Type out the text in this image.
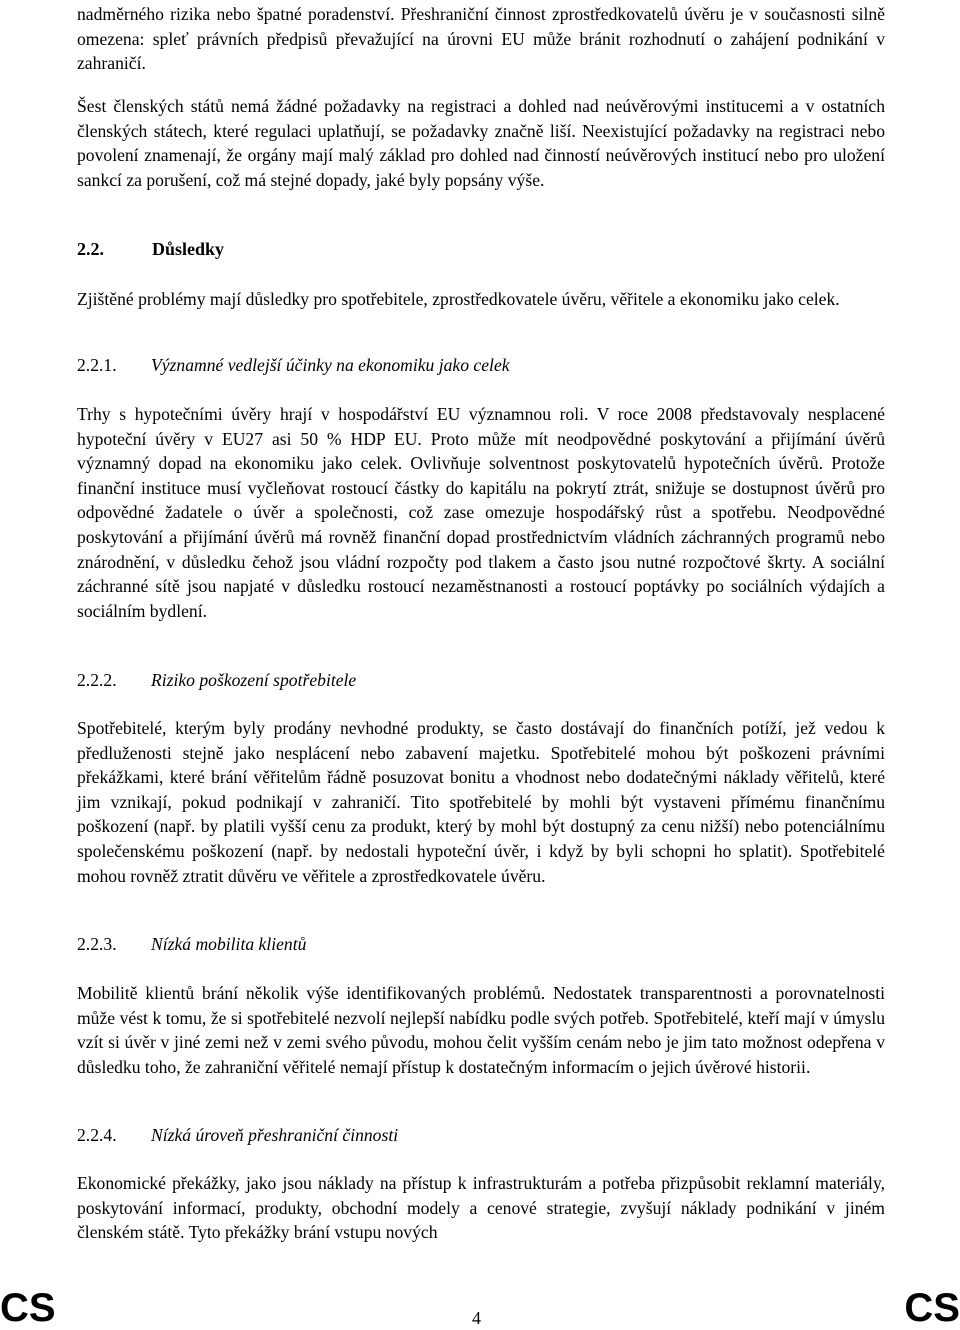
nadměrného rizika nebo špatné poradenství. Přeshraniční činnost zprostředkovatelů úvěru je v současnosti silně omezena: spleť právních předpisů převažující na úrovni EU může bránit rozhodnutí o zahájení podnikání v zahraničí.

Šest členských států nemá žádné požadavky na registraci a dohled nad neúvěrovými institucemi a v ostatních členských státech, které regulaci uplatňují, se požadavky značně liší. Neexistující požadavky na registraci nebo povolení znamenají, že orgány mají malý základ pro dohled nad činností neúvěrových institucí nebo pro uložení sankcí za porušení, což má stejné dopady, jaké byly popsány výše.

2.2.	Důsledky

Zjištěné problémy mají důsledky pro spotřebitele, zprostředkovatele úvěru, věřitele a ekonomiku jako celek.

2.2.1. Významné vedlejší účinky na ekonomiku jako celek

Trhy s hypotečními úvěry hrají v hospodářství EU významnou roli. V roce 2008 představovaly nesplacené hypoteční úvěry v EU27 asi 50 % HDP EU. Proto může mít neodpovědné poskytování a přijímání úvěrů významný dopad na ekonomiku jako celek. Ovlivňuje solventnost poskytovatelů hypotečních úvěrů. Protože finanční instituce musí vyčleňovat rostoucí částky do kapitálu na pokrytí ztrát, snižuje se dostupnost úvěrů pro odpovědné žadatele o úvěr a společnosti, což zase omezuje hospodářský růst a spotřebu. Neodpovědné poskytování a přijímání úvěrů má rovněž finanční dopad prostřednictvím vládních záchranných programů nebo znárodnění, v důsledku čehož jsou vládní rozpočty pod tlakem a často jsou nutné rozpočtové škrty. A sociální záchranné sítě jsou napjaté v důsledku rostoucí nezaměstnanosti a rostoucí poptávky po sociálních výdajích a sociálním bydlení.

2.2.2. Riziko poškození spotřebitele

Spotřebitelé, kterým byly prodány nevhodné produkty, se často dostávají do finančních potíží, jež vedou k předluženosti stejně jako nesplácení nebo zabavení majetku. Spotřebitelé mohou být poškozeni právními překážkami, které brání věřitelům řádně posuzovat bonitu a vhodnost nebo dodatečnými náklady věřitelů, které jim vznikají, pokud podnikají v zahraničí. Tito spotřebitelé by mohli být vystaveni přímému finančnímu poškození (např. by platili vyšší cenu za produkt, který by mohl být dostupný za cenu nižší) nebo potenciálnímu společenskému poškození (např. by nedostali hypoteční úvěr, i když by byli schopni ho splatit). Spotřebitelé mohou rovněž ztratit důvěru ve věřitele a zprostředkovatele úvěru.

2.2.3. Nízká mobilita klientů

Mobilitě klientů brání několik výše identifikovaných problémů. Nedostatek transparentnosti a porovnatelnosti může vést k tomu, že si spotřebitelé nezvolí nejlepší nabídku podle svých potřeb. Spotřebitelé, kteří mají v úmyslu vzít si úvěr v jiné zemi než v zemi svého původu, mohou čelit vyšším cenám nebo je jim tato možnost odepřena v důsledku toho, že zahraniční věřitelé nemají přístup k dostatečným informacím o jejich úvěrové historii.

2.2.4. Nízká úroveň přeshraniční činnosti

Ekonomické překážky, jako jsou náklady na přístup k infrastrukturám a potřeba přizpůsobit reklamní materiály, poskytování informací, produkty, obchodní modely a cenové strategie, zvyšují náklady podnikání v jiném členském státě. Tyto překážky brání vstupu nových

CS	4	CS
